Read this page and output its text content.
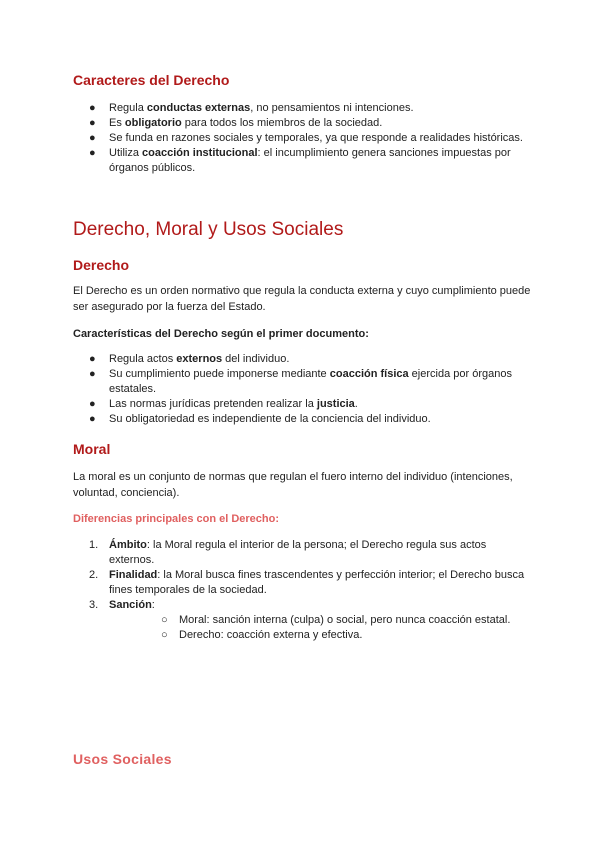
Caracteres del Derecho
● Regula conductas externas, no pensamientos ni intenciones.
● Es obligatorio para todos los miembros de la sociedad.
● Se funda en razones sociales y temporales, ya que responde a realidades históricas.
● Utiliza coacción institucional: el incumplimiento genera sanciones impuestas por órganos públicos.
Derecho, Moral y Usos Sociales
Derecho

El Derecho es un orden normativo que regula la conducta externa y cuyo cumplimiento puede ser asegurado por la fuerza del Estado.

Características del Derecho según el primer documento:

● Regula actos externos del individuo.
● Su cumplimiento puede imponerse mediante coacción física ejercida por órganos estatales.
● Las normas jurídicas pretenden realizar la justicia.
● Su obligatoriedad es independiente de la conciencia del individuo.
Moral

La moral es un conjunto de normas que regulan el fuero interno del individuo (intenciones, voluntad, conciencia).

Diferencias principales con el Derecho:

1. Ámbito: la Moral regula el interior de la persona; el Derecho regula sus actos externos.
2. Finalidad: la Moral busca fines trascendentes y perfección interior; el Derecho busca fines temporales de la sociedad.
3. Sanción:
○ Moral: sanción interna (culpa) o social, pero nunca coacción estatal.
○ Derecho: coacción externa y efectiva.
Usos Sociales
